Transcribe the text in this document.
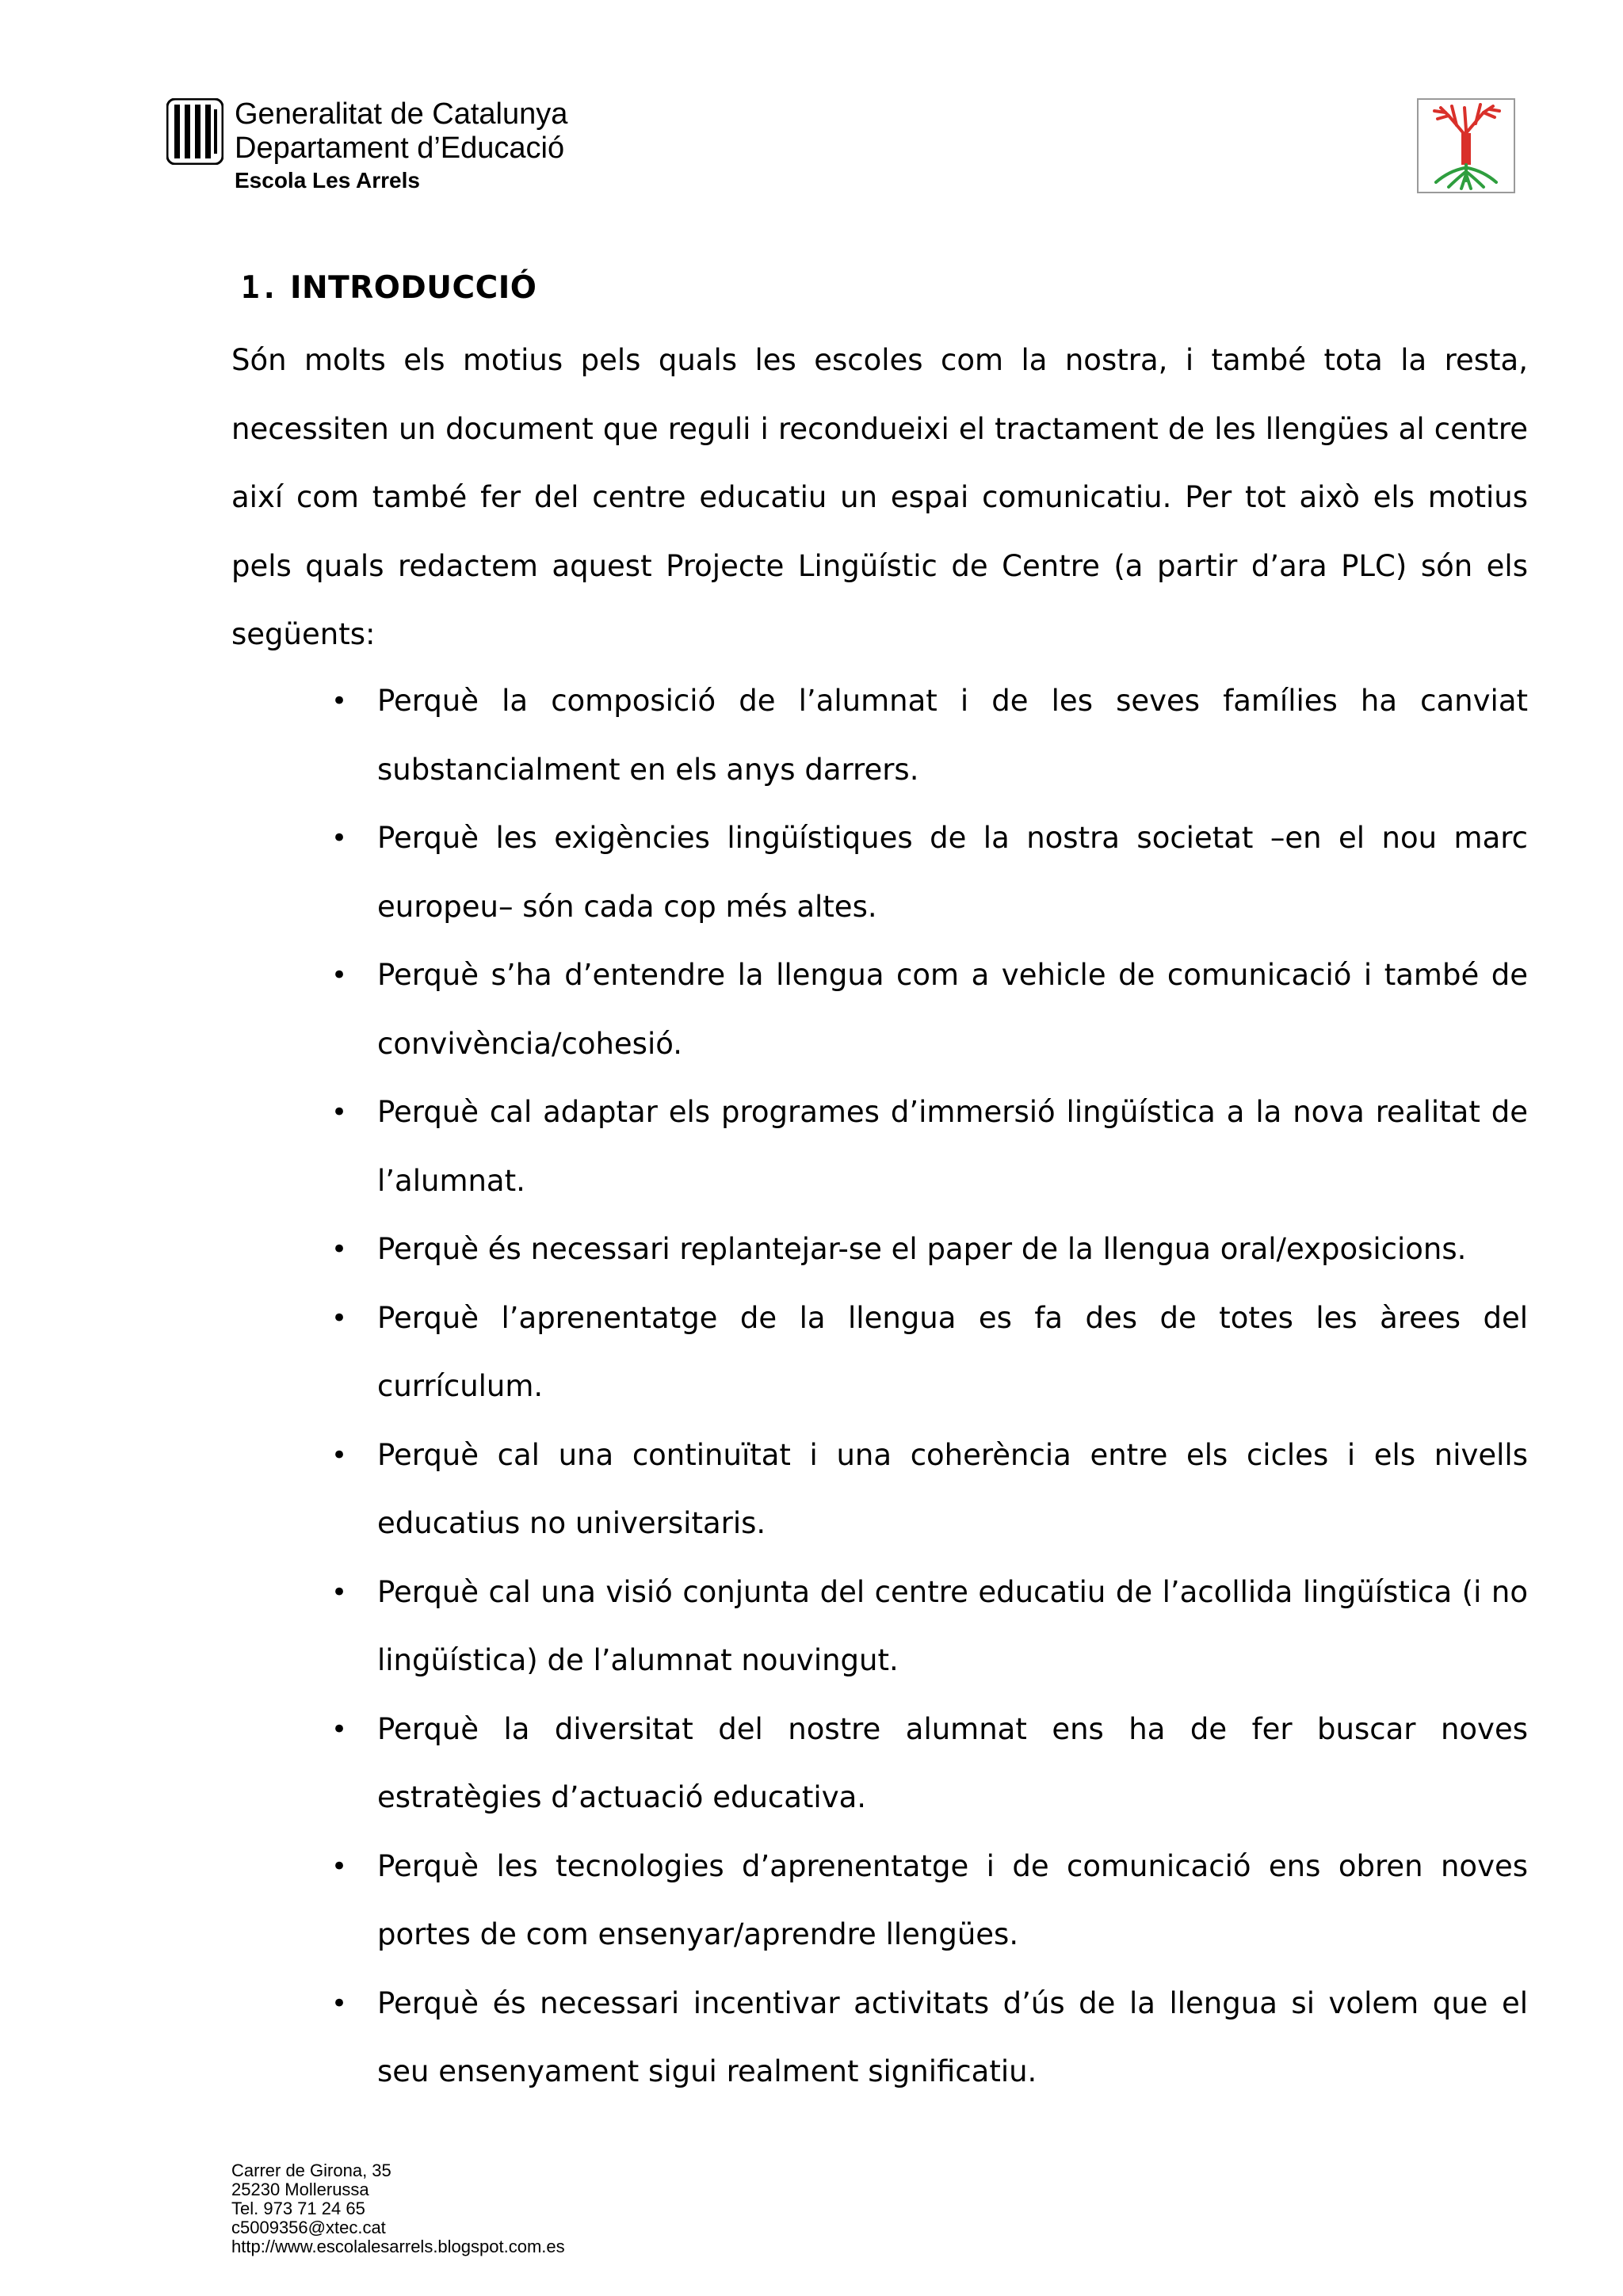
Generalitat de Catalunya
Departament d’Educació
Escola Les Arrels
1. INTRODUCCIÓ

Són molts els motius pels quals les escoles com la nostra, i també tota la resta, necessiten un document que reguli i recondueixi el tractament de les llengües al centre així com també fer del centre educatiu un espai comunicatiu. Per tot això els motius pels quals redactem aquest Projecte Lingüístic de Centre (a partir d’ara PLC) són els següents:

• Perquè la composició de l’alumnat i de les seves famílies ha canviat substancialment en els anys darrers.
• Perquè les exigències lingüístiques de la nostra societat –en el nou marc europeu– són cada cop més altes.
• Perquè s’ha d’entendre la llengua com a vehicle de comunicació i també de convivència/cohesió.
• Perquè cal adaptar els programes d’immersió lingüística a la nova realitat de l’alumnat.
• Perquè és necessari replantejar-se el paper de la llengua oral/exposicions.
• Perquè l’aprenentatge de la llengua es fa des de totes les àrees del currículum.
• Perquè cal una continuïtat i una coherència entre els cicles i els nivells educatius no universitaris.
• Perquè cal una visió conjunta del centre educatiu de l’acollida lingüística (i no lingüística) de l’alumnat nouvingut.
• Perquè la diversitat del nostre alumnat ens ha de fer buscar noves estratègies d’actuació educativa.
• Perquè les tecnologies d’aprenentatge i de comunicació ens obren noves portes de com ensenyar/aprendre llengües.
• Perquè és necessari incentivar activitats d’ús de la llengua si volem que el seu ensenyament sigui realment significatiu.
Carrer de Girona, 35
25230 Mollerussa
Tel. 973 71 24 65
c5009356@xtec.cat
http://www.escolalesarrels.blogspot.com.es
